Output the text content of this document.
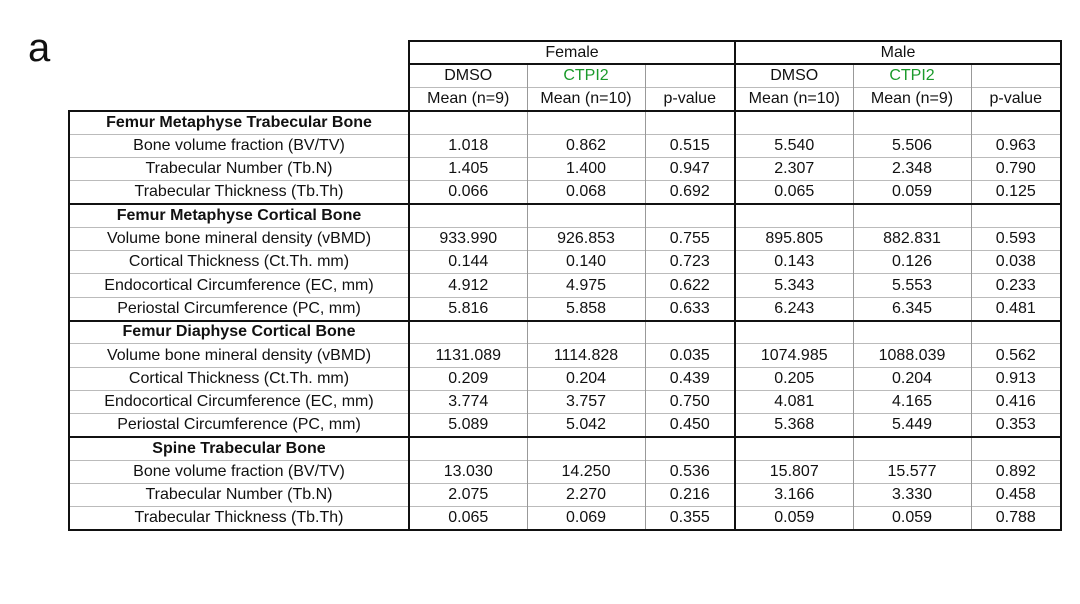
a
		Female			Male		
	DMSO	CTPI2		DMSO	CTPI2	
	Mean (n=9)	Mean (n=10)	p-value	Mean (n=10)	Mean (n=9)	p-value
Femur Metaphyse Trabecular Bone						
Bone volume fraction (BV/TV)	1.018	0.862	0.515	5.540	5.506	0.963
Trabecular Number (Tb.N)	1.405	1.400	0.947	2.307	2.348	0.790
Trabecular Thickness (Tb.Th)	0.066	0.068	0.692	0.065	0.059	0.125
Femur Metaphyse Cortical Bone						
Volume bone mineral density (vBMD)	933.990	926.853	0.755	895.805	882.831	0.593
Cortical Thickness (Ct.Th. mm)	0.144	0.140	0.723	0.143	0.126	0.038
Endocortical Circumference (EC, mm)	4.912	4.975	0.622	5.343	5.553	0.233
Periostal Circumference (PC, mm)	5.816	5.858	0.633	6.243	6.345	0.481
Femur Diaphyse Cortical Bone						
Volume bone mineral density (vBMD)	1131.089	1114.828	0.035	1074.985	1088.039	0.562
Cortical Thickness (Ct.Th. mm)	0.209	0.204	0.439	0.205	0.204	0.913
Endocortical Circumference (EC, mm)	3.774	3.757	0.750	4.081	4.165	0.416
Periostal Circumference (PC, mm)	5.089	5.042	0.450	5.368	5.449	0.353
Spine Trabecular Bone						
Bone volume fraction (BV/TV)	13.030	14.250	0.536	15.807	15.577	0.892
Trabecular Number (Tb.N)	2.075	2.270	0.216	3.166	3.330	0.458
Trabecular Thickness (Tb.Th)	0.065	0.069	0.355	0.059	0.059	0.788
